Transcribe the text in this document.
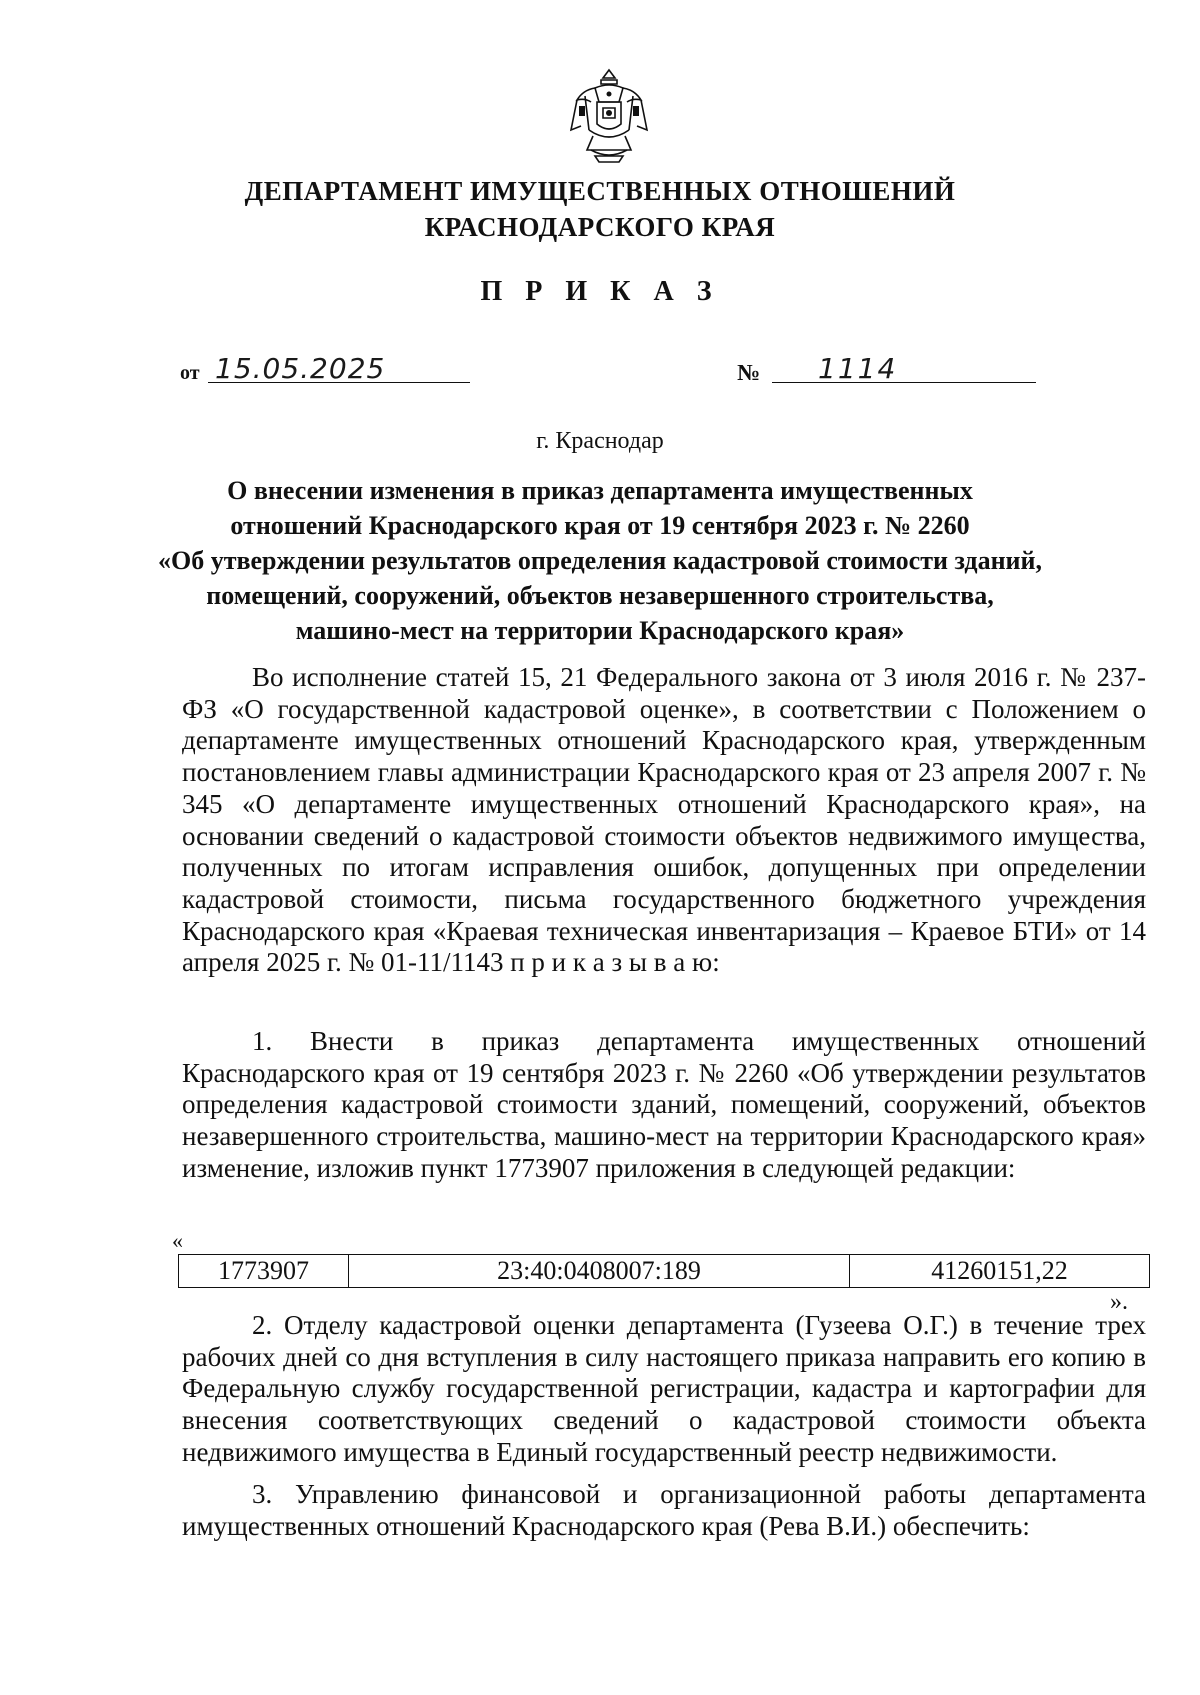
ДЕПАРТАМЕНТ ИМУЩЕСТВЕННЫХ ОТНОШЕНИЙ
КРАСНОДАРСКОГО КРАЯ
П Р И К А З
от 15.05.2025	№ 1114
г. Краснодар
О внесении изменения в приказ департамента имущественных
отношений Краснодарского края от 19 сентября 2023 г. № 2260
«Об утверждении результатов определения кадастровой стоимости зданий,
помещений, сооружений, объектов незавершенного строительства,
машино-мест на территории Краснодарского края»
Во исполнение статей 15, 21 Федерального закона от 3 июля 2016 г. № 237-ФЗ «О государственной кадастровой оценке», в соответствии с Положением о департаменте имущественных отношений Краснодарского края, утвержденным постановлением главы администрации Краснодарского края от 23 апреля 2007 г. № 345 «О департаменте имущественных отношений Краснодарского края», на основании сведений о кадастровой стоимости объектов недвижимого имущества, полученных по итогам исправления ошибок, допущенных при определении кадастровой стоимости, письма государственного бюджетного учреждения Краснодарского края «Краевая техническая инвентаризация – Краевое БТИ» от 14 апреля 2025 г. № 01-11/1143 п р и к а з ы в а ю:
1. Внести в приказ департамента имущественных отношений Краснодарского края от 19 сентября 2023 г. № 2260 «Об утверждении результатов определения кадастровой стоимости зданий, помещений, сооружений, объектов незавершенного строительства, машино-мест на территории Краснодарского края» изменение, изложив пункт 1773907 приложения в следующей редакции:
«
1773907	23:40:0408007:189	41260151,22
».
2. Отделу кадастровой оценки департамента (Гузеева О.Г.) в течение трех рабочих дней со дня вступления в силу настоящего приказа направить его копию в Федеральную службу государственной регистрации, кадастра и картографии для внесения соответствующих сведений о кадастровой стоимости объекта недвижимого имущества в Единый государственный реестр недвижимости.
3. Управлению финансовой и организационной работы департамента имущественных отношений Краснодарского края (Рева В.И.) обеспечить:
